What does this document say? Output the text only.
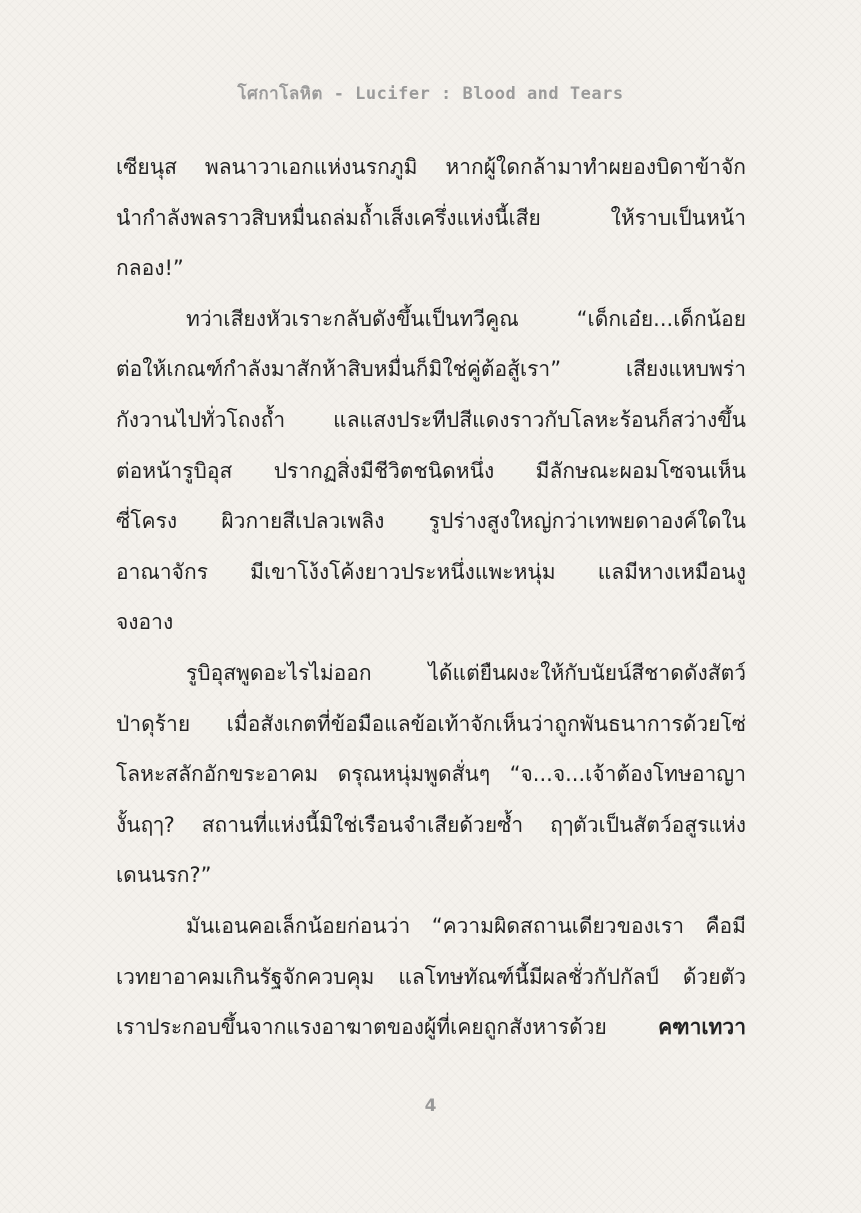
โศกาโลหิต - Lucifer : Blood and Tears
เซียนุส พลนาวาเอกแห่งนรกภูมิ หากผู้ใดกล้ามาทำผยองบิดาข้าจัก
นำกำลังพลราวสิบหมื่นถล่มถ้ำเส็งเครึ่งแห่งนี้เสีย ให้ราบเป็นหน้า
กลอง!”
ทว่าเสียงหัวเราะกลับดังขึ้นเป็นทวีคูณ “เด็กเอ๋ย...เด็กน้อย
ต่อให้เกณฑ์กำลังมาสักห้าสิบหมื่นก็มิใช่คู่ต้อสู้เรา” เสียงแหบพร่า
กังวานไปทั่วโถงถ้ำ แลแสงประทีปสีแดงราวกับโลหะร้อนก็สว่างขึ้น
ต่อหน้ารูบิอุส ปรากฏสิ่งมีชีวิตชนิดหนึ่ง มีลักษณะผอมโซจนเห็น
ซี่โครง ผิวกายสีเปลวเพลิง รูปร่างสูงใหญ่กว่าเทพยดาองค์ใดใน
อาณาจักร มีเขาโง้งโค้งยาวประหนึ่งแพะหนุ่ม แลมีหางเหมือนงู
จงอาง
รูบิอุสพูดอะไรไม่ออก ได้แต่ยืนผงะให้กับนัยน์สีชาดดังสัตว์
ป่าดุร้าย เมื่อสังเกตที่ข้อมือแลข้อเท้าจักเห็นว่าถูกพันธนาการด้วยโซ่
โลหะสลักอักขระอาคม ดรุณหนุ่มพูดสั่นๆ “จ...จ...เจ้าต้องโทษอาญา
งั้นฤๅ? สถานที่แห่งนี้มิใช่เรือนจำเสียด้วยซ้ำ ฤๅตัวเป็นสัตว์อสูรแห่ง
เดนนรก?”
มันเอนคอเล็กน้อยก่อนว่า “ความผิดสถานเดียวของเรา คือมี
เวทยาอาคมเกินรัฐจักควบคุม แลโทษทัณฑ์นี้มีผลชั่วกัปกัลป์ ด้วยตัว
เราประกอบขึ้นจากแรงอาฆาตของผู้ที่เคยถูกสังหารด้วย คฑาเทวา
4
